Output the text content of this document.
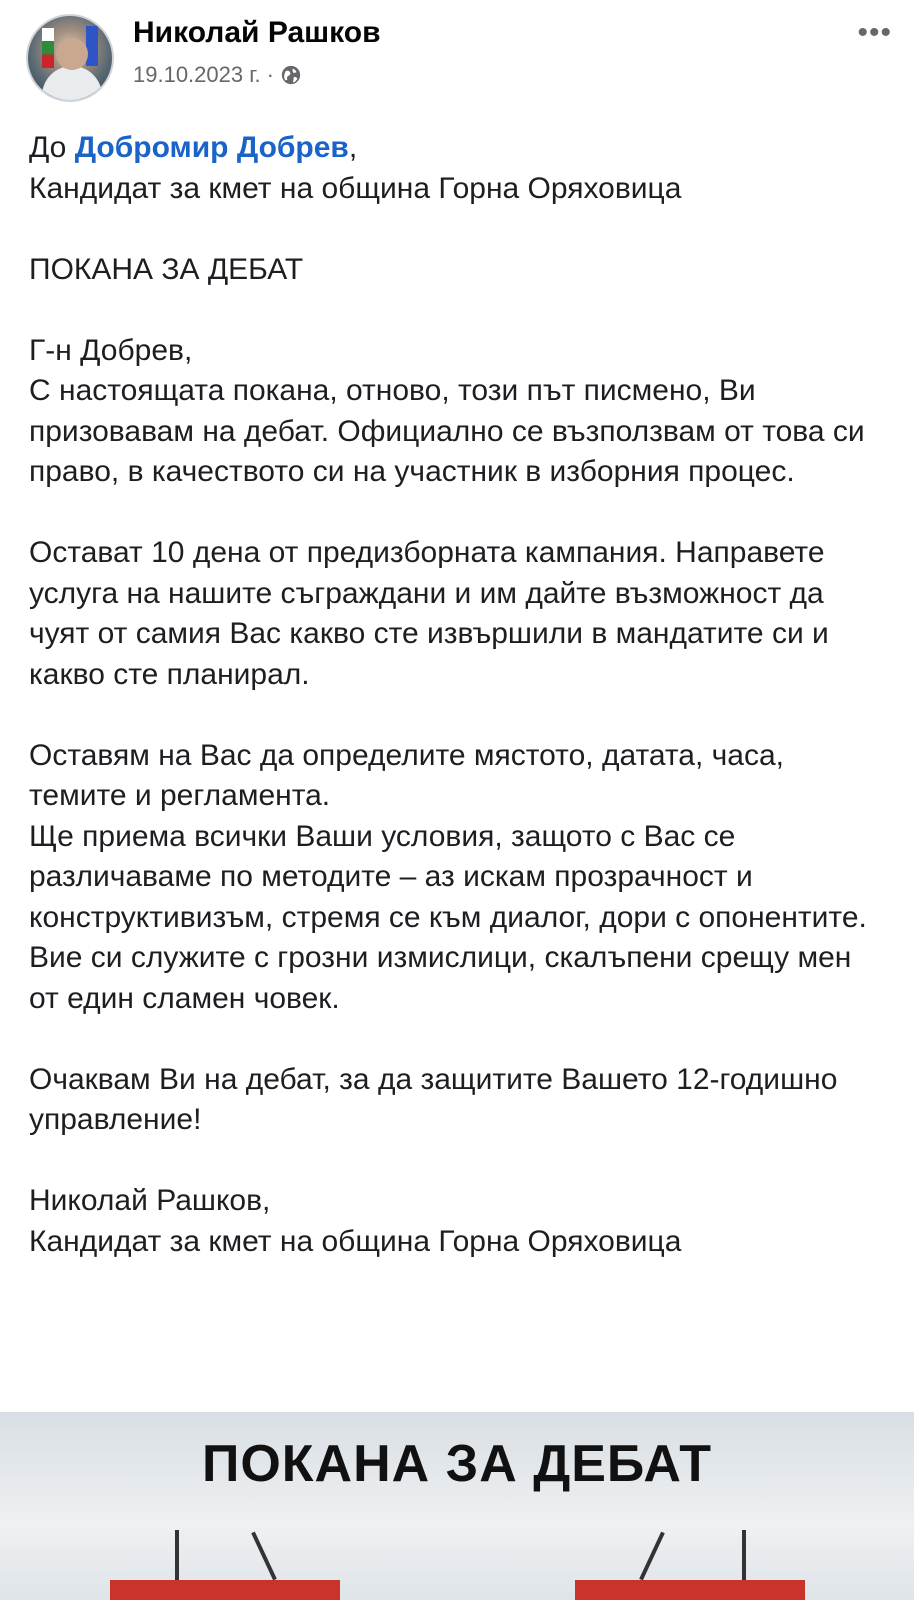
Николай Рашков
19.10.2023 г. ·
•••

До Добромир Добрев,

Кандидат за кмет на община Горна Оряховица

ПОКАНА ЗА ДЕБАТ

Г-н Добрев,

С настоящата покана, отново, този път писмено, Ви призовавам на дебат. Официално се възползвам от това си право, в качеството си на участник в изборния процес.

Остават 10 дена от предизборната кампания. Направете услуга на нашите съграждани и им дайте възможност да чуят от самия Вас какво сте извършили в мандатите си и какво сте планирал.

Оставям на Вас да определите мястото, датата, часа, темите и регламента.

Ще приема всички Ваши условия, защото с Вас се различаваме по методите – аз искам прозрачност и конструктивизъм, стремя се към диалог, дори с опонентите. Вие си служите с грозни измислици, скалъпени срещу мен от един сламен човек.

Очаквам Ви на дебат, за да защитите Вашето 12-годишно управление!

Николай Рашков,

Кандидат за кмет на община Горна Оряховица

ПОКАНА ЗА ДЕБАТ
